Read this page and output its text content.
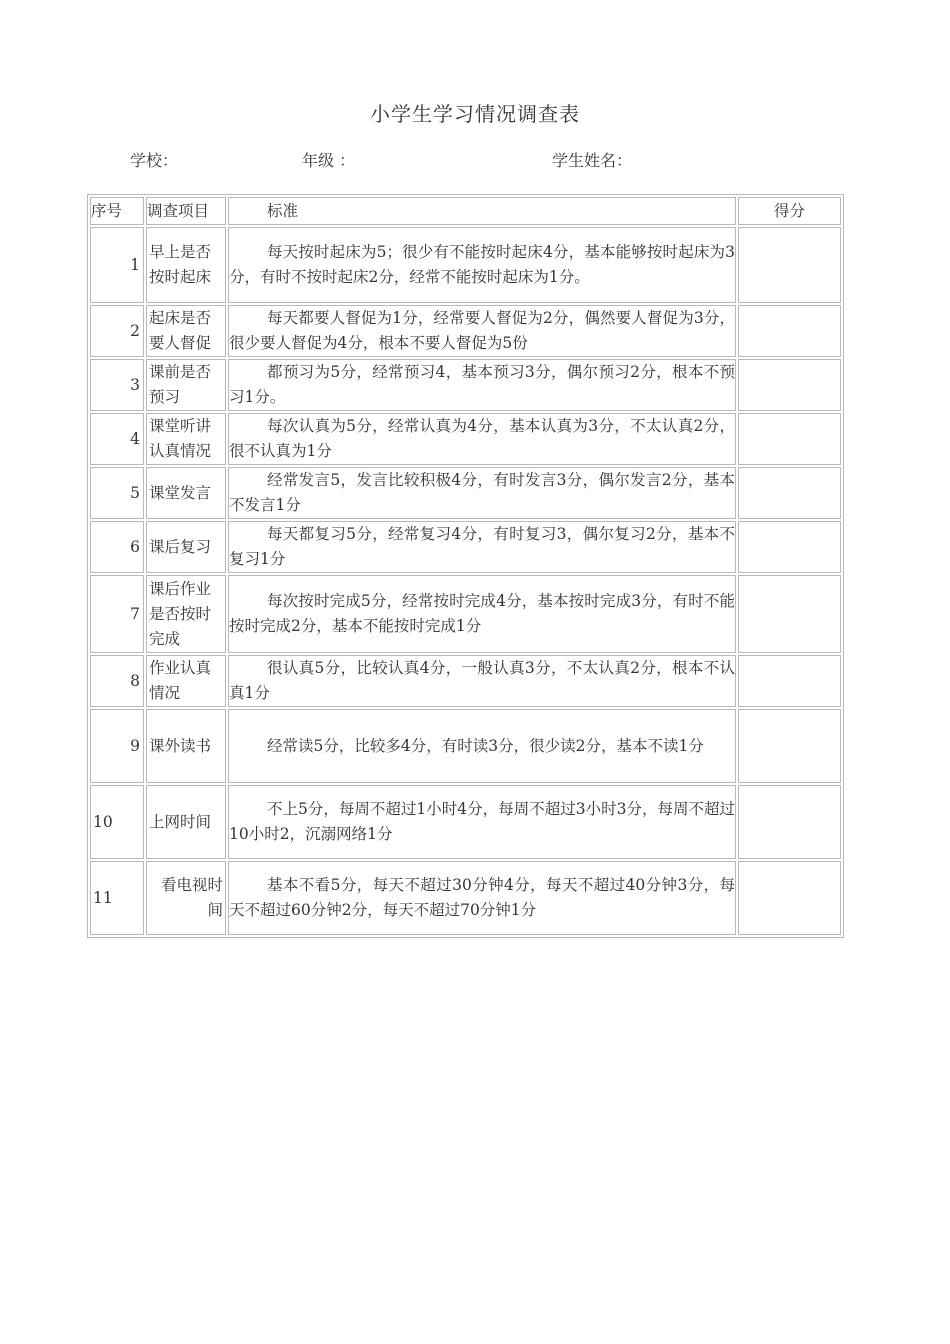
小学生学习情况调查表
学校：	年级 ：	学生姓名：
序号	调查项目	标准	得分
1	早上是否按时起床	每天按时起床为5；很少有不能按时起床4分，基本能够按时起床为3分，有时不按时起床2分，经常不能按时起床为1分。	
2	起床是否要人督促	每天都要人督促为1分，经常要人督促为2分，偶然要人督促为3分，很少要人督促为4分，根本不要人督促为5份	
3	课前是否预习	都预习为5分，经常预习4，基本预习3分，偶尔预习2分，根本不预习1分。	
4	课堂听讲认真情况	每次认真为5分，经常认真为4分，基本认真为3分，不太认真2分，很不认真为1分	
5	课堂发言	经常发言5，发言比较积极4分，有时发言3分，偶尔发言2分，基本不发言1分	
6	课后复习	每天都复习5分，经常复习4分，有时复习3，偶尔复习2分，基本不复习1分	
7	课后作业是否按时完成	每次按时完成5分，经常按时完成4分，基本按时完成3分，有时不能按时完成2分，基本不能按时完成1分	
8	作业认真情况	很认真5分，比较认真4分，一般认真3分，不太认真2分，根本不认真1分	
9	课外读书	经常读5分，比较多4分，有时读3分，很少读2分，基本不读1分	
10	上网时间	不上5分，每周不超过1小时4分，每周不超过3小时3分，每周不超过10小时2，沉溺网络1分	
11	看电视时间	基本不看5分，每天不超过30分钟4分，每天不超过40分钟3分，每天不超过60分钟2分，每天不超过70分钟1分	
